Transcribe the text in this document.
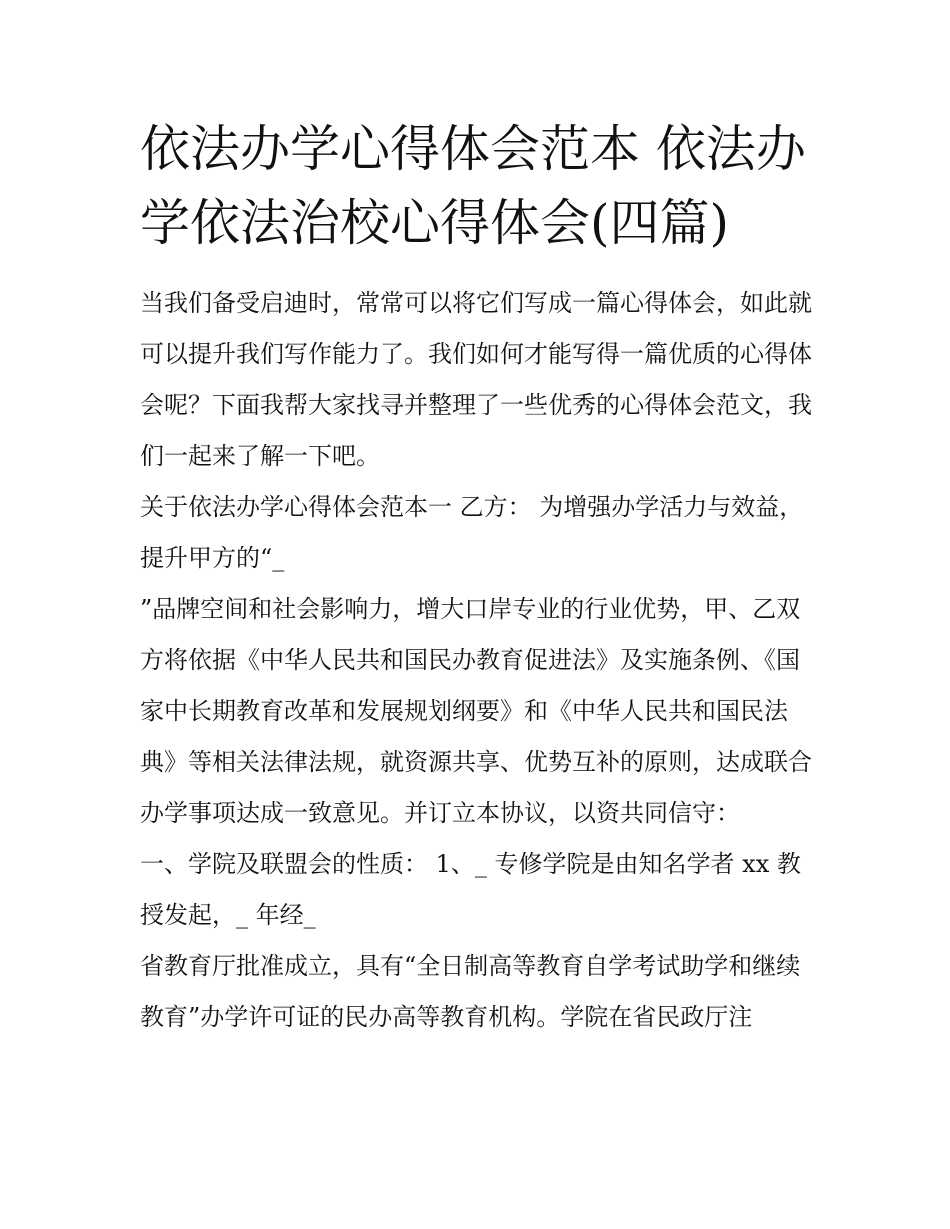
依法办学心得体会范本 依法办学依法治校心得体会(四篇)

当我们备受启迪时，常常可以将它们写成一篇心得体会，如此就可以提升我们写作能力了。我们如何才能写得一篇优质的心得体会呢？下面我帮大家找寻并整理了一些优秀的心得体会范文，我们一起来了解一下吧。

关于依法办学心得体会范本一 乙方： 为增强办学活力与效益，提升甲方的“_

”品牌空间和社会影响力，增大口岸专业的行业优势，甲、乙双方将依据《中华人民共和国民办教育促进法》及实施条例、《国家中长期教育改革和发展规划纲要》和《中华人民共和国民法典》等相关法律法规，就资源共享、优势互补的原则，达成联合办学事项达成一致意见。并订立本协议，以资共同信守：

一、学院及联盟会的性质： 1、_ 专修学院是由知名学者 xx 教授发起，_ 年经_

省教育厅批准成立，具有“全日制高等教育自学考试助学和继续教育”办学许可证的民办高等教育机构。学院在省民政厅注
